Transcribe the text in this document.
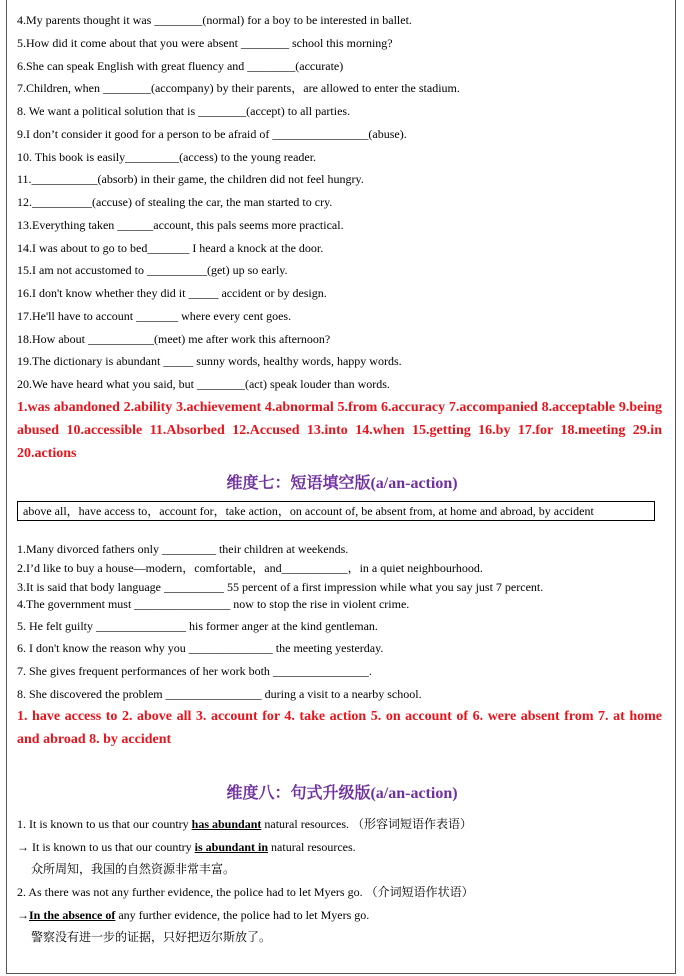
4.My parents thought it was ________(normal) for a boy to be interested in ballet.
5.How did it come about that you were absent ________ school this morning?
6.She can speak English with great fluency and ________(accurate)
7.Children, when ________(accompany) by their parents，are allowed to enter the stadium.
8. We want a political solution that is ________(accept) to all parties.
9.I don’t consider it good for a person to be afraid of ________________(abuse).
10. This book is easily_________(access) to the young reader.
11.___________(absorb) in their game, the children did not feel hungry.
12.__________(accuse) of stealing the car, the man started to cry.
13.Everything taken ______account, this pals seems more practical.
14.I was about to go to bed_______ I heard a knock at the door.
15.I am not accustomed to __________(get) up so early.
16.I don't know whether they did it _____ accident or by design.
17.He'll have to account _______ where every cent goes.
18.How about ___________(meet) me after work this afternoon?
19.The dictionary is abundant _____ sunny words, healthy words, happy words.
20.We have heard what you said, but ________(act) speak louder than words.
1.was abandoned 2.ability 3.achievement 4.abnormal 5.from 6.accuracy 7.accompanied 8.acceptable 9.being abused 10.accessible 11.Absorbed 12.Accused 13.into 14.when 15.getting 16.by 17.for 18.meeting 29.in 20.actions
维度七：短语填空版(a/an-action)
above all，have access to，account for，take action，on account of, be absent from, at home and abroad, by accident
1.Many divorced fathers only _________ their children at weekends.
2.I’d like to buy a house—modern，comfortable，and___________，in a quiet neighbourhood.
3.It is said that body language __________ 55 percent of a first impression while what you say just 7 percent.
4.The government must ________________ now to stop the rise in violent crime.
5. He felt guilty _______________ his former anger at the kind gentleman.
6. I don't know the reason why you ______________ the meeting yesterday.
7. She gives frequent performances of her work both ________________.
8. She discovered the problem ________________ during a visit to a nearby school.
1. have access to 2. above all 3. account for 4. take action 5. on account of 6. were absent from 7. at home and abroad 8. by accident
维度八：句式升级版(a/an-action)
1. It is known to us that our country has abundant natural resources. （形容词短语作表语）
→ It is known to us that our country is abundant in natural resources.
众所周知，我国的自然资源非常丰富。
2. As there was not any further evidence, the police had to let Myers go. （介词短语作状语）
→In the absence of any further evidence, the police had to let Myers go.
警察没有进一步的证据，只好把迈尔斯放了。
